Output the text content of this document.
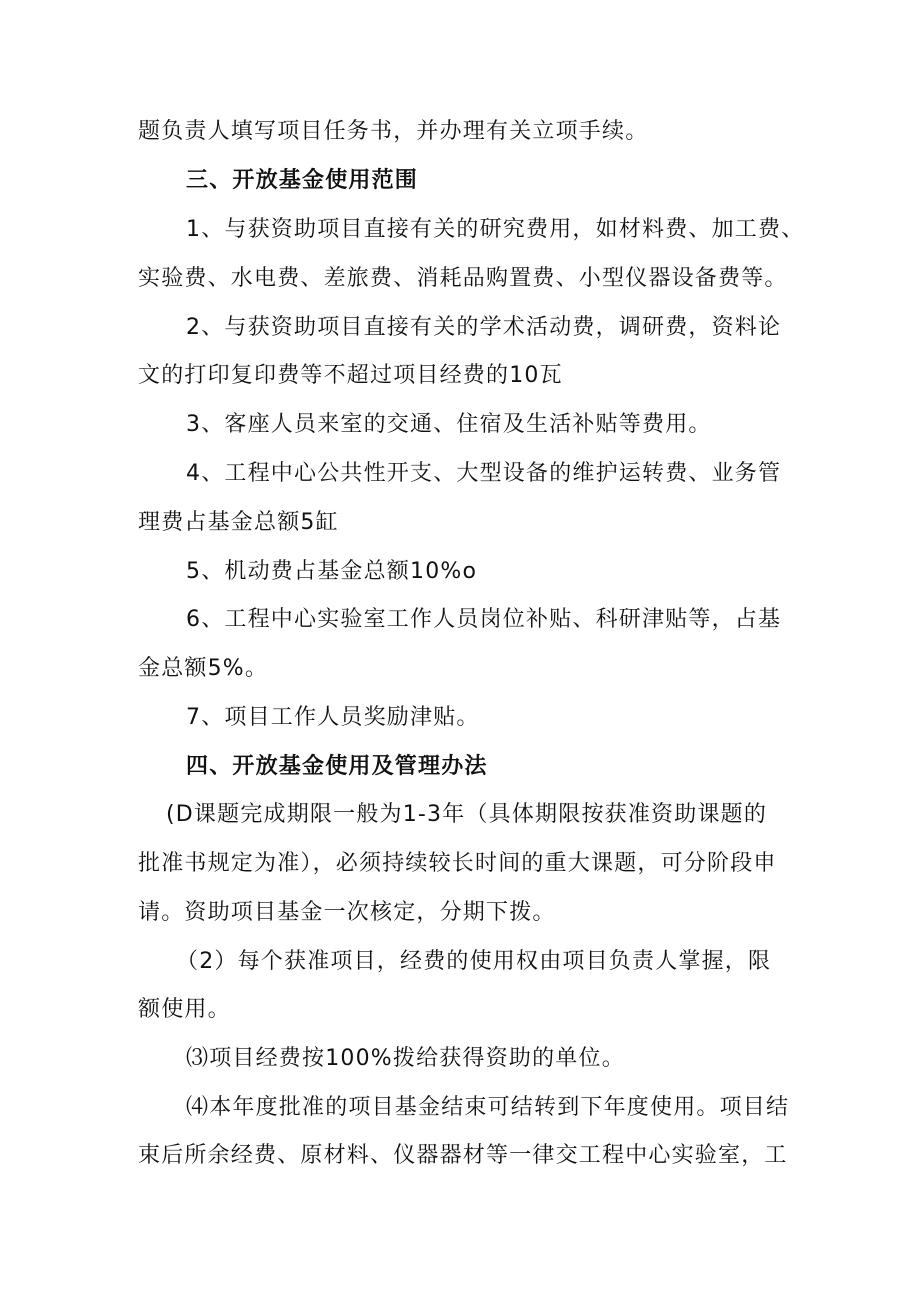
题负责人填写项目任务书，并办理有关立项手续。
三、开放基金使用范围
1、与获资助项目直接有关的研究费用，如材料费、加工费、
实验费、水电费、差旅费、消耗品购置费、小型仪器设备费等。
2、与获资助项目直接有关的学术活动费，调研费，资料论
文的打印复印费等不超过项目经费的10瓦
3、客座人员来室的交通、住宿及生活补贴等费用。
4、工程中心公共性开支、大型设备的维护运转费、业务管
理费占基金总额5缸
5、机动费占基金总额10%o
6、工程中心实验室工作人员岗位补贴、科研津贴等，占基
金总额5%。
7、项目工作人员奖励津贴。
四、开放基金使用及管理办法
(D课题完成期限一般为1-3年（具体期限按获准资助课题的
批准书规定为准），必须持续较长时间的重大课题，可分阶段申
请。资助项目基金一次核定，分期下拨。
（2）每个获准项目，经费的使用权由项目负责人掌握，限
额使用。
⑶项目经费按100%拨给获得资助的单位。
⑷本年度批准的项目基金结束可结转到下年度使用。项目结
束后所余经费、原材料、仪器器材等一律交工程中心实验室，工
